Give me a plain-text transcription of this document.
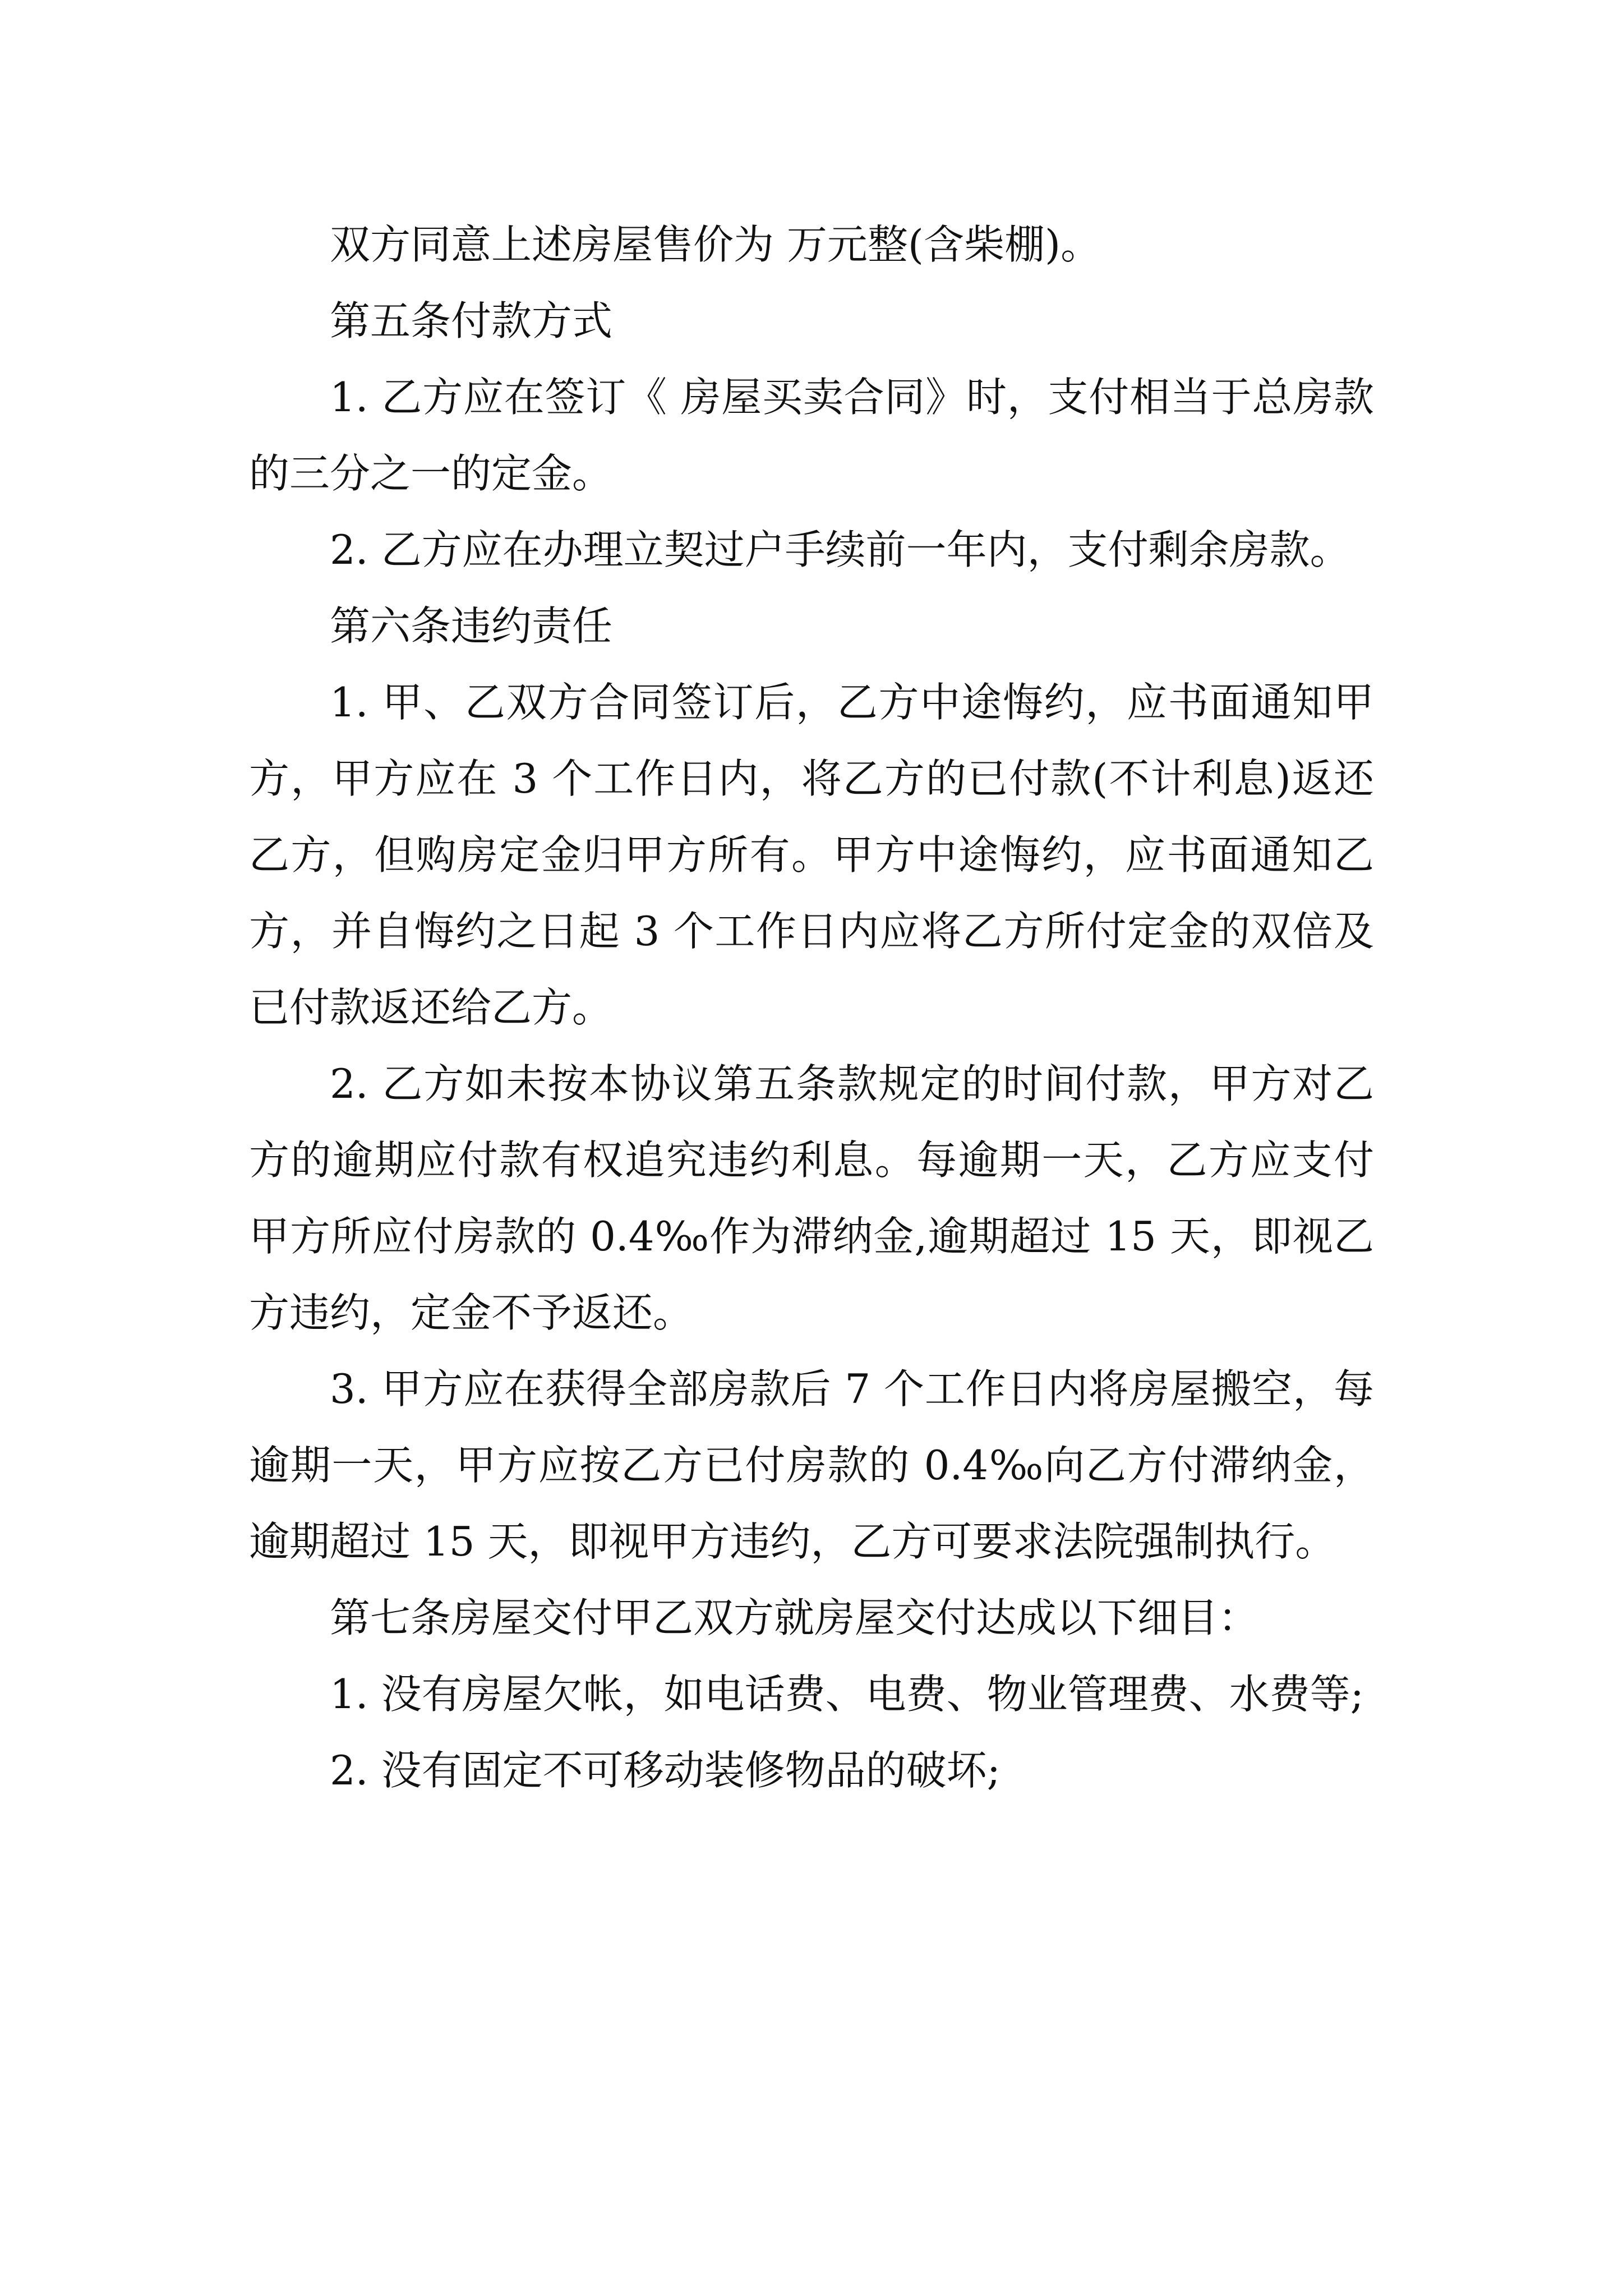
双方同意上述房屋售价为 万元整(含柴棚)。

第五条付款方式

1. 乙方应在签订《 房屋买卖合同》时，支付相当于总房款的三分之一的定金。

2. 乙方应在办理立契过户手续前一年内，支付剩余房款。

第六条违约责任

1. 甲、乙双方合同签订后，乙方中途悔约，应书面通知甲方，甲方应在 3 个工作日内，将乙方的已付款(不计利息)返还乙方，但购房定金归甲方所有。甲方中途悔约，应书面通知乙方，并自悔约之日起 3 个工作日内应将乙方所付定金的双倍及已付款返还给乙方。

2. 乙方如未按本协议第五条款规定的时间付款，甲方对乙方的逾期应付款有权追究违约利息。每逾期一天，乙方应支付甲方所应付房款的 0.4‰作为滞纳金,逾期超过 15 天，即视乙方违约，定金不予返还。

3. 甲方应在获得全部房款后 7 个工作日内将房屋搬空，每逾期一天，甲方应按乙方已付房款的 0.4‰向乙方付滞纳金，逾期超过 15 天，即视甲方违约，乙方可要求法院强制执行。

第七条房屋交付甲乙双方就房屋交付达成以下细目：

1. 没有房屋欠帐，如电话费、电费、物业管理费、水费等;

2. 没有固定不可移动装修物品的破坏;
